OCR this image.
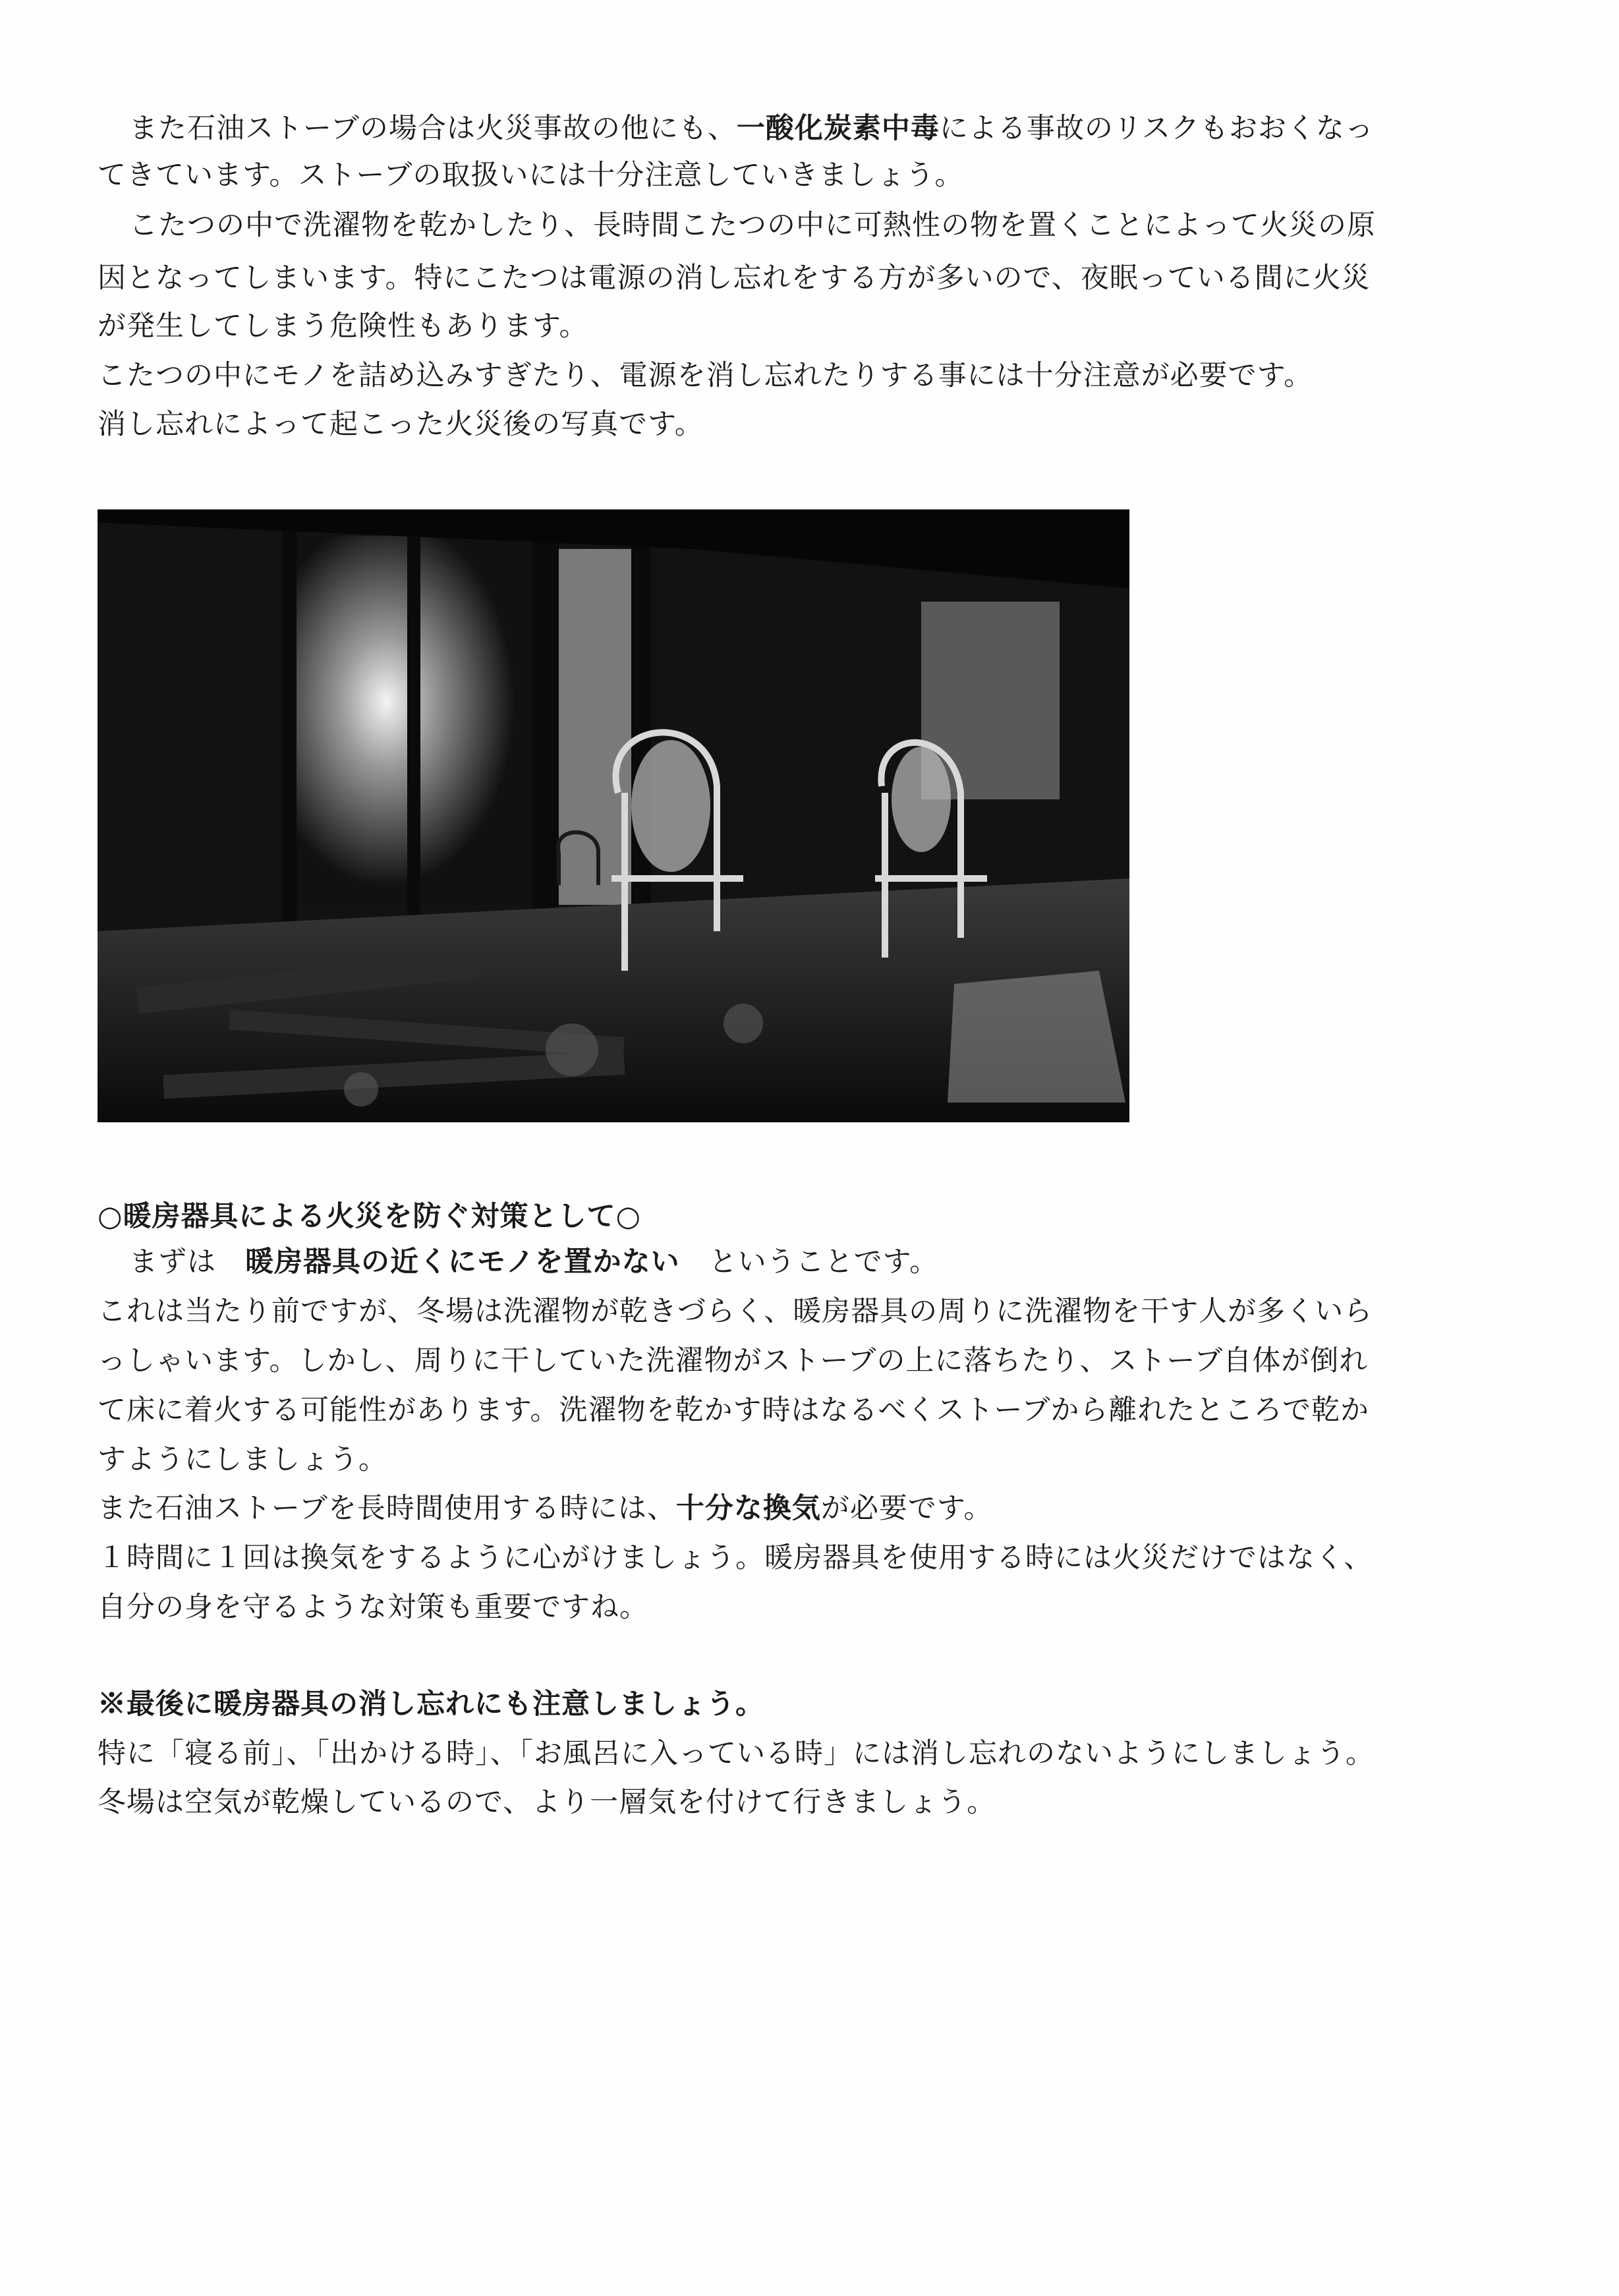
また石油ストーブの場合は火災事故の他にも、一酸化炭素中毒による事故のリスクもおおくなっ
てきています。ストーブの取扱いには十分注意していきましょう。
こたつの中で洗濯物を乾かしたり、長時間こたつの中に可熱性の物を置くことによって火災の原
因となってしまいます。特にこたつは電源の消し忘れをする方が多いので、夜眠っている間に火災
が発生してしまう危険性もあります。
こたつの中にモノを詰め込みすぎたり、電源を消し忘れたりする事には十分注意が必要です。
消し忘れによって起こった火災後の写真です。
○暖房器具による火災を防ぐ対策として○
まずは　暖房器具の近くにモノを置かない　ということです。
これは当たり前ですが、冬場は洗濯物が乾きづらく、暖房器具の周りに洗濯物を干す人が多くいら
っしゃいます。しかし、周りに干していた洗濯物がストーブの上に落ちたり、ストーブ自体が倒れ
て床に着火する可能性があります。洗濯物を乾かす時はなるべくストーブから離れたところで乾か
すようにしましょう。
また石油ストーブを長時間使用する時には、十分な換気が必要です。
１時間に１回は換気をするように心がけましょう。暖房器具を使用する時には火災だけではなく、
自分の身を守るような対策も重要ですね。
※最後に暖房器具の消し忘れにも注意しましょう。
特に「寝る前」、「出かける時」、「お風呂に入っている時」には消し忘れのないようにしましょう。
冬場は空気が乾燥しているので、より一層気を付けて行きましょう。
